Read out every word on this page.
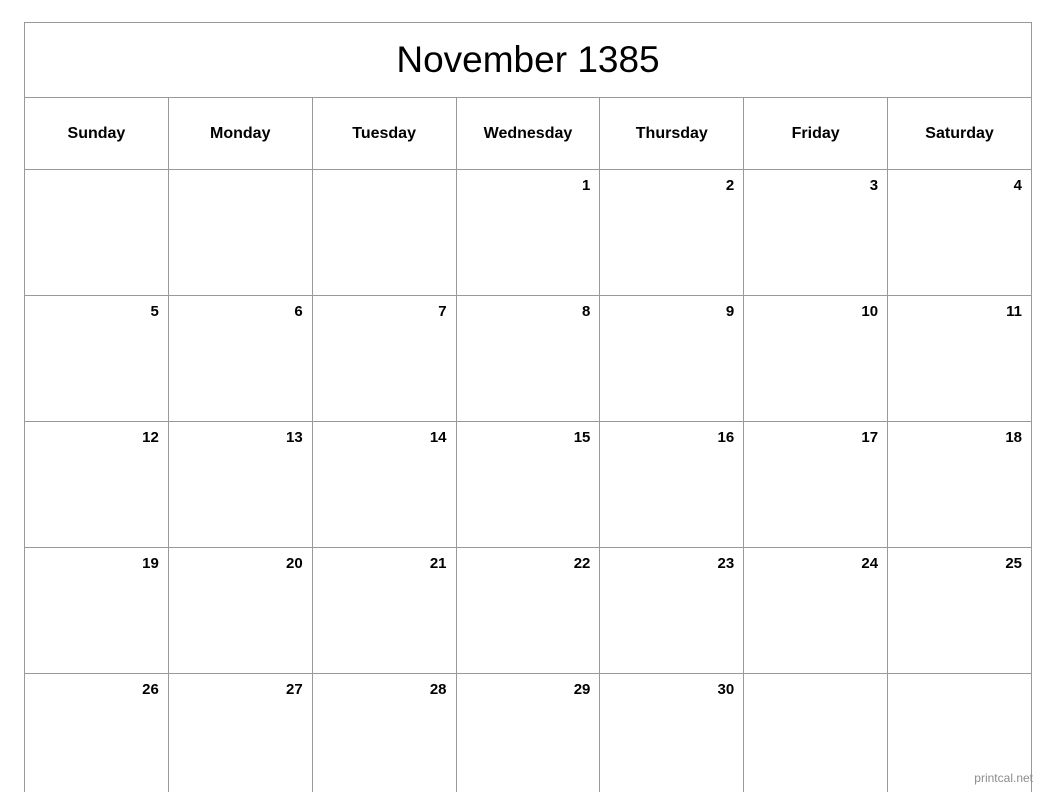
November 1385						
Sunday	Monday	Tuesday	Wednesday	Thursday	Friday	Saturday
			1	2	3	4
5	6	7	8	9	10	11
12	13	14	15	16	17	18
19	20	21	22	23	24	25
26	27	28	29	30		
printcal.net
